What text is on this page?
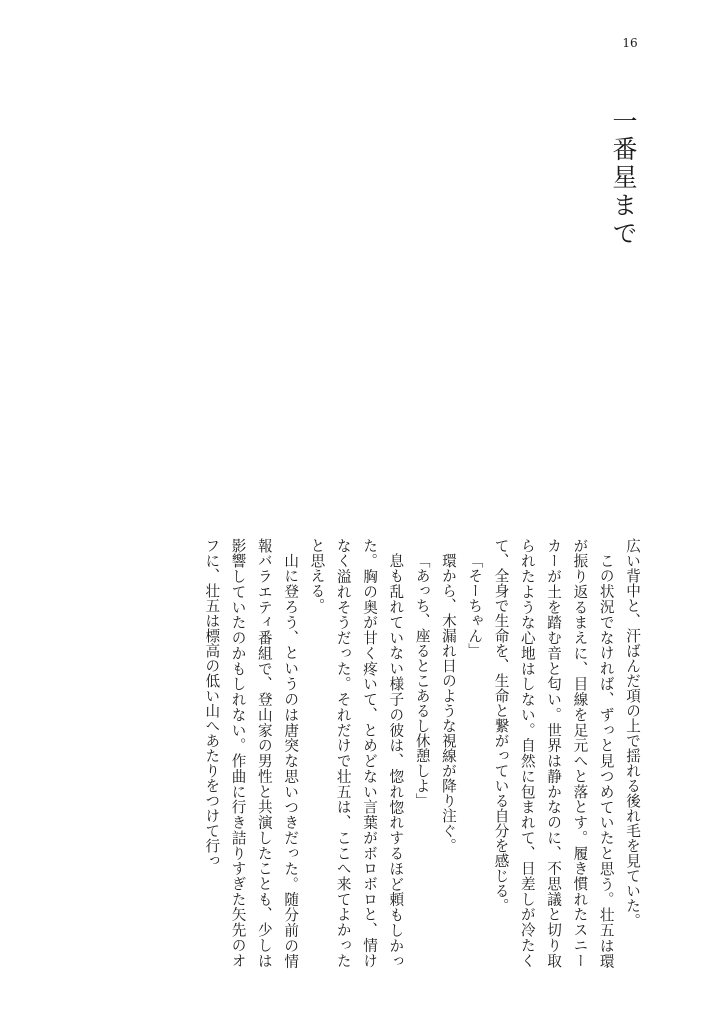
16
一番星まで

広い背中と、汗ばんだ項の上で揺れる後れ毛を見ていた。

この状況でなければ、ずっと見つめていたと思う。壮五は環が振り返るまえに、目線を足元へと落とす。履き慣れたスニーカーが土を踏む音と匂い。世界は静かなのに、不思議と切り取られたような心地はしない。自然に包まれて、日差しが冷たくて、全身で生命を、生命と繋がっている自分を感じる。

「そーちゃん」

環から、木漏れ日のような視線が降り注ぐ。

「あっち、座るとこあるし休憩しよ」

息も乱れていない様子の彼は、惚れ惚れするほど頼もしかった。胸の奥が甘く疼いて、とめどない言葉がボロボロと、情けなく溢れそうだった。それだけで壮五は、ここへ来てよかったと思える。

山に登ろう、というのは唐突な思いつきだった。随分前の情報バラエティ番組で、登山家の男性と共演したことも、少しは影響していたのかもしれない。作曲に行き詰りすぎた矢先のオフに、壮五は標高の低い山へあたりをつけて行っ
